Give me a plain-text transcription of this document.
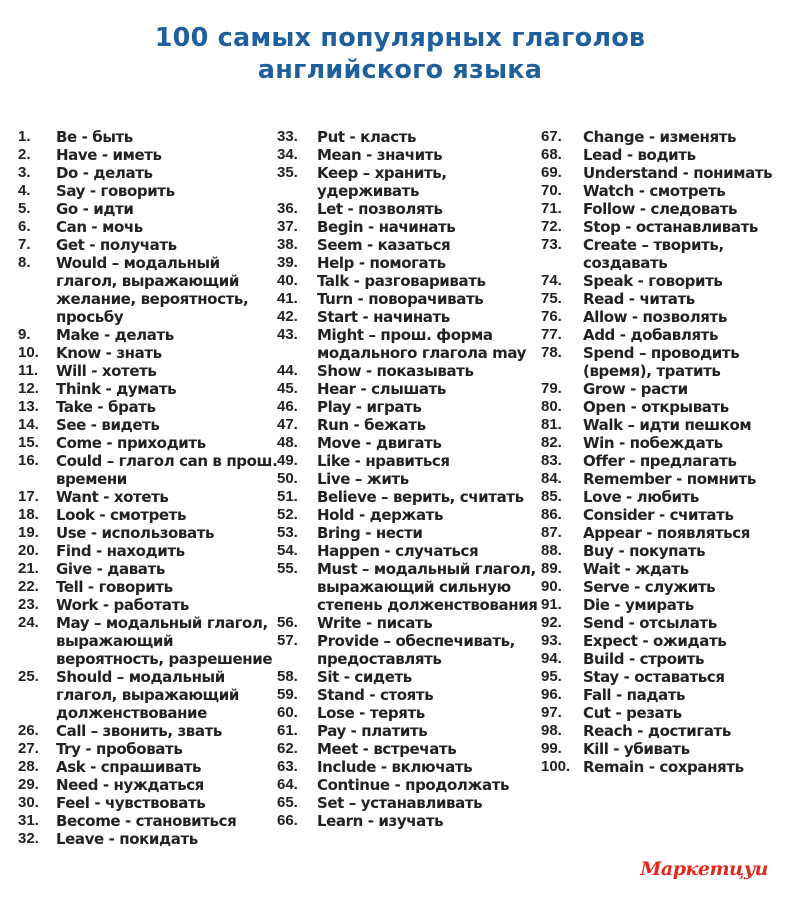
100 самых популярных глаголов
английского языка
1.	Be - быть
2.	Have - иметь
3.	Do - делать
4.	Say - говорить
5.	Go - идти
6.	Can - мочь
7.	Get - получать
8.	Would – модальный глагол, выражающий желание, вероятность, просьбу
9.	Make - делать
10.	Know - знать
11.	Will - хотеть
12.	Think - думать
13.	Take - брать
14.	See - видеть
15.	Come - приходить
16.	Could – глагол can в прош. времени
17.	Want - хотеть
18.	Look - смотреть
19.	Use - использовать
20.	Find - находить
21.	Give - давать
22.	Tell - говорить
23.	Work - работать
24.	May – модальный глагол, выражающий вероятность, разрешение
25.	Should – модальный глагол, выражающий долженствование
26.	Call – звонить, звать
27.	Try - пробовать
28.	Ask - спрашивать
29.	Need - нуждаться
30.	Feel - чувствовать
31.	Become - становиться
32.	Leave - покидать
33.	Put - класть
34.	Mean - значить
35.	Keep – хранить, удерживать
36.	Let - позволять
37.	Begin - начинать
38.	Seem - казаться
39.	Help - помогать
40.	Talk - разговаривать
41.	Turn - поворачивать
42.	Start - начинать
43.	Might – прош. форма модального глагола may
44.	Show - показывать
45.	Hear - слышать
46.	Play - играть
47.	Run - бежать
48.	Move - двигать
49.	Like - нравиться
50.	Live – жить
51.	Believe – верить, считать
52.	Hold - держать
53.	Bring - нести
54.	Happen - случаться
55.	Must – модальный глагол, выражающий сильную степень долженствования
56.	Write - писать
57.	Provide – обеспечивать, предоставлять
58.	Sit - сидеть
59.	Stand - стоять
60.	Lose - терять
61.	Pay - платить
62.	Meet - встречать
63.	Include - включать
64.	Continue - продолжать
65.	Set – устанавливать
66.	Learn - изучать
67.	Change - изменять
68.	Lead - водить
69.	Understand - понимать
70.	Watch - смотреть
71.	Follow - следовать
72.	Stop - останавливать
73.	Create – творить, создавать
74.	Speak - говорить
75.	Read - читать
76.	Allow - позволять
77.	Add - добавлять
78.	Spend – проводить (время), тратить
79.	Grow - расти
80.	Open - открывать
81.	Walk – идти пешком
82.	Win - побеждать
83.	Offer - предлагать
84.	Remember - помнить
85.	Love - любить
86.	Consider - считать
87.	Appear - появляться
88.	Buy - покупать
89.	Wait - ждать
90.	Serve - служить
91.	Die - умирать
92.	Send - отсылать
93.	Expect - ожидать
94.	Build - строить
95.	Stay - оставаться
96.	Fall - падать
97.	Cut - резать
98.	Reach - достигать
99.	Kill - убивать
100. Remain - сохранять
Маркетцуи
